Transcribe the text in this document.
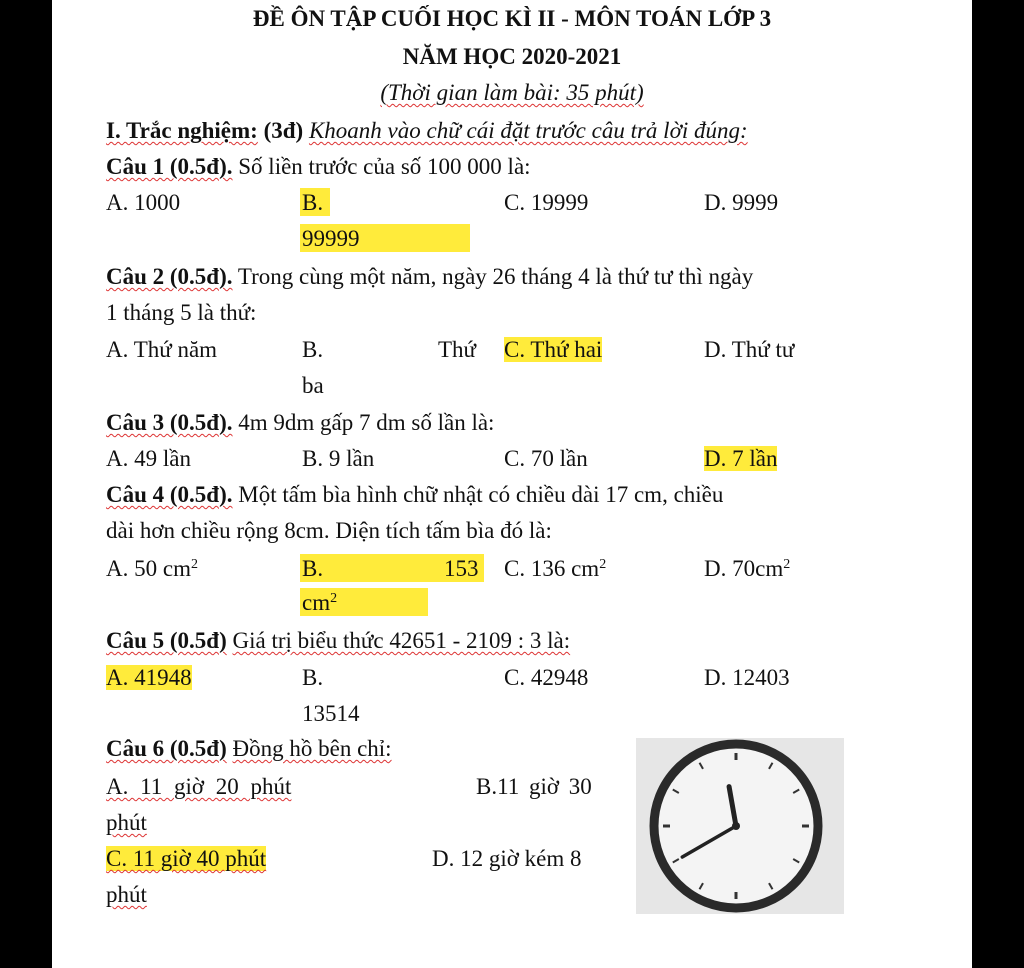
ĐỀ ÔN TẬP CUỐI HỌC KÌ II - MÔN TOÁN LỚP 3
NĂM HỌC 2020-2021
(Thời gian làm bài: 35 phút)
I. Trắc nghiệm: (3đ) Khoanh vào chữ cái đặt trước câu trả lời đúng:
Câu 1 (0.5đ). Số liền trước của số 100 000 là:
A. 1000	B.
99999
C. 19999	D. 9999
Câu 2 (0.5đ). Trong cùng một năm, ngày 26 tháng 4 là thứ tư thì ngày
1 tháng 5 là thứ:
A. Thứ năm	B.	Thứ
ba
C. Thứ hai	D. Thứ tư
Câu 3 (0.5đ). 4m 9dm gấp 7 dm số lần là:
A. 49 lần	B. 9 lần	C. 70 lần	D. 7 lần
Câu 4 (0.5đ). Một tấm bìa hình chữ nhật có chiều dài 17 cm, chiều
dài hơn chiều rộng 8cm. Diện tích tấm bìa đó là:
A. 50 $cm^2$	B.	153
$cm^2$
C. 136 $cm^2$	D. $70cm^2$
Câu 5 (0.5đ) Giá trị biểu thức 42651 - 2109 : 3 là:
A. 41948	B.
13514
C. 42948	D. 12403
Câu 6 (0.5đ) Đồng hồ bên chỉ:
A. 11 giờ 20 phút
phút
B.11 giờ 30
C. 11 giờ 40 phút
phút
D. 12 giờ kém 8
